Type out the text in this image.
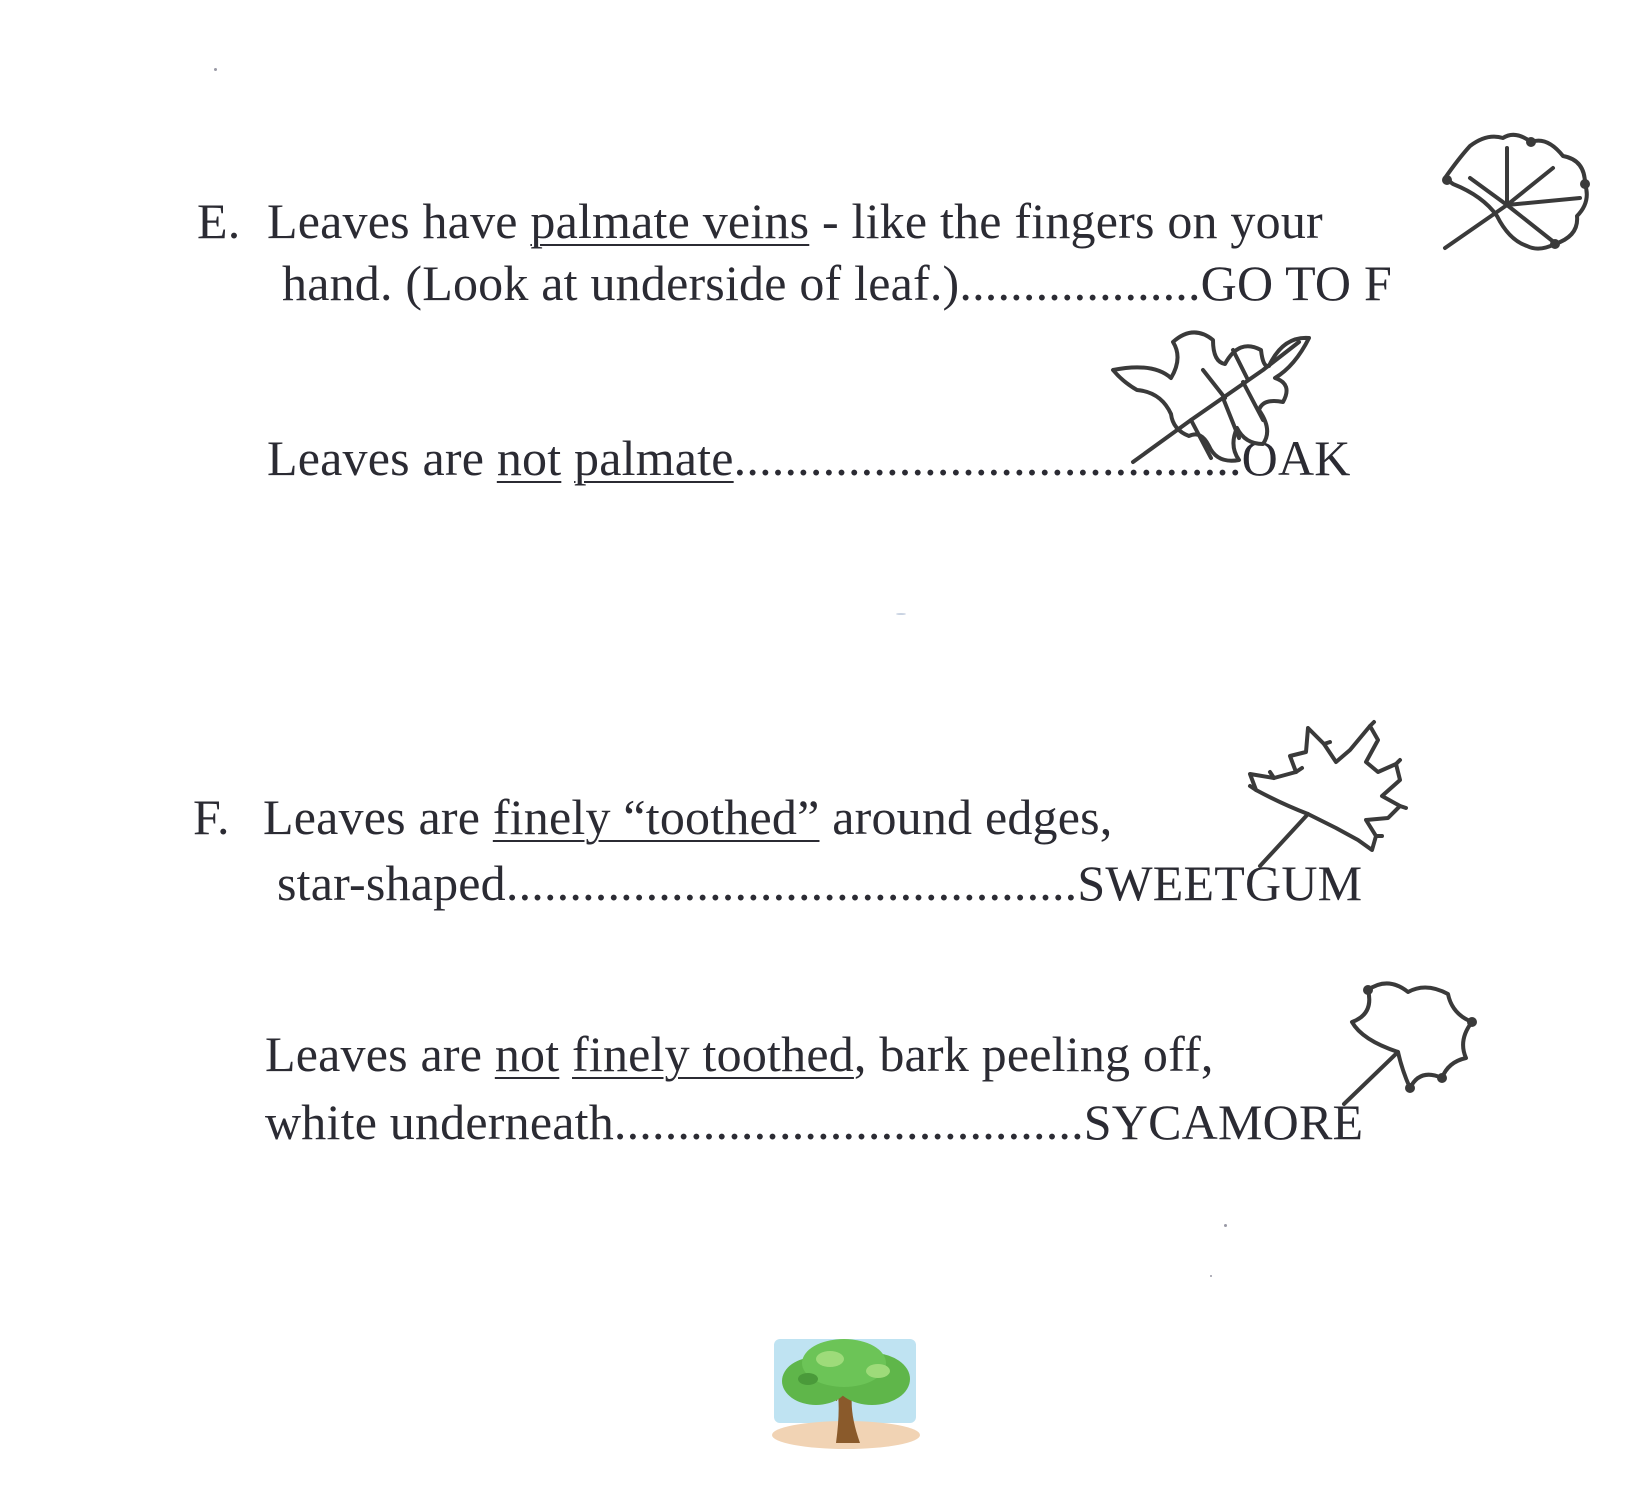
E. Leaves have palmate veins - like the fingers on your
hand. (Look at underside of leaf.)...................GO TO F
Leaves are not palmate........................................OAK
F. Leaves are finely “toothed” around edges,
star-shaped.............................................SWEETGUM
Leaves are not finely toothed, bark peeling off,
white underneath.....................................SYCAMORE
